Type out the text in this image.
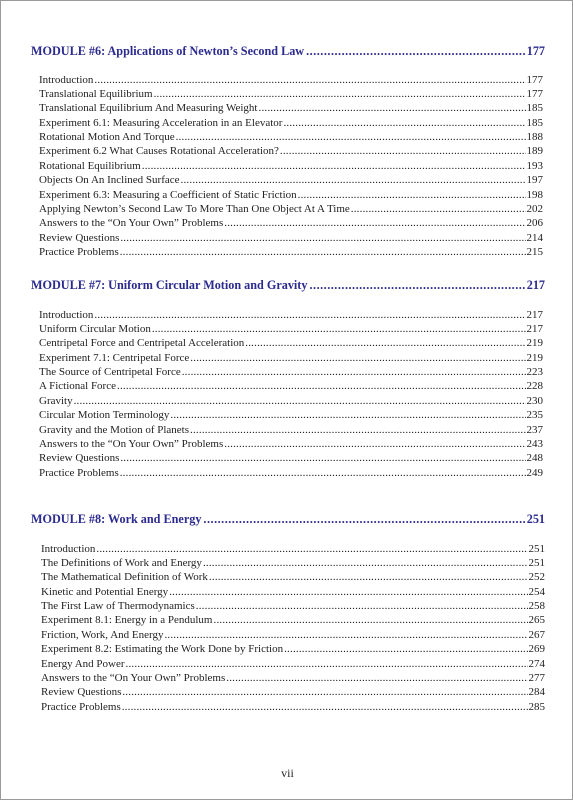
MODULE #6: Applications of Newton’s Second Law .....	177
Introduction .....	177
Translational Equilibrium .....	177
Translational Equilibrium And Measuring Weight .....	185
Experiment 6.1: Measuring Acceleration in an Elevator .....	185
Rotational Motion And Torque .....	188
Experiment 6.2 What Causes Rotational Acceleration? .....	189
Rotational Equilibrium .....	193
Objects On An Inclined Surface .....	197
Experiment 6.3: Measuring a Coefficient of Static Friction .....	198
Applying Newton’s Second Law To More Than One Object At A Time .....	202
Answers to the “On Your Own” Problems .....	206
Review Questions .....	214
Practice Problems .....	215
MODULE #7: Uniform Circular Motion and Gravity .....	217
Introduction .....	217
Uniform Circular Motion .....	217
Centripetal Force and Centripetal Acceleration .....	219
Experiment 7.1: Centripetal Force .....	219
The Source of Centripetal Force .....	223
A Fictional Force .....	228
Gravity .....	230
Circular Motion Terminology .....	235
Gravity and the Motion of Planets .....	237
Answers to the “On Your Own” Problems .....	243
Review Questions .....	248
Practice Problems .....	249
MODULE #8: Work and Energy .....	251
Introduction .....	251
The Definitions of Work and Energy .....	251
The Mathematical Definition of Work .....	252
Kinetic and Potential Energy .....	254
The First Law of Thermodynamics .....	258
Experiment 8.1: Energy in a Pendulum .....	265
Friction, Work, And Energy .....	267
Experiment 8.2: Estimating the Work Done by Friction .....	269
Energy And Power .....	274
Answers to the “On Your Own” Problems .....	277
Review Questions .....	284
Practice Problems .....	285
vii
